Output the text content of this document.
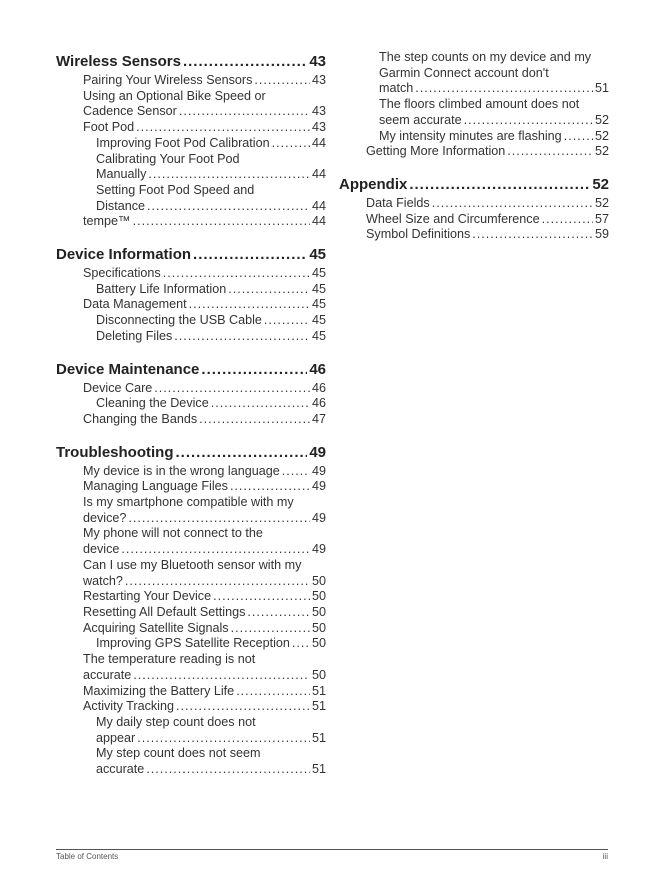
Wireless Sensors .....	43
Pairing Your Wireless Sensors .....	43
Using an Optional Bike Speed or
Cadence Sensor .....	43
Foot Pod .....	43
Improving Foot Pod Calibration .....	44
Calibrating Your Foot Pod
Manually .....	44
Setting Foot Pod Speed and
Distance .....	44
tempe™ .....	44
Device Information .....	45
Specifications .....	45
Battery Life Information .....	45
Data Management .....	45
Disconnecting the USB Cable .....	45
Deleting Files .....	45
Device Maintenance .....	46
Device Care .....	46
Cleaning the Device .....	46
Changing the Bands .....	47
Troubleshooting .....	49
My device is in the wrong language .....	49
Managing Language Files .....	49
Is my smartphone compatible with my
device? .....	49
My phone will not connect to the
device .....	49
Can I use my Bluetooth sensor with my
watch? .....	50
Restarting Your Device .....	50
Resetting All Default Settings .....	50
Acquiring Satellite Signals .....	50
Improving GPS Satellite Reception ..... 50
The temperature reading is not
accurate .....	50
Maximizing the Battery Life .....	51
Activity Tracking .....	51
My daily step count does not
appear .....	51
My step count does not seem
accurate .....	51
The step counts on my device and my Garmin Connect account don't
match .....	51
The floors climbed amount does not
seem accurate .....	52
My intensity minutes are flashing .....	52
Getting More Information .....	52
Appendix .....	52
Data Fields .....	52
Wheel Size and Circumference .....	57
Symbol Definitions .....	59
Table of Contents	iii
